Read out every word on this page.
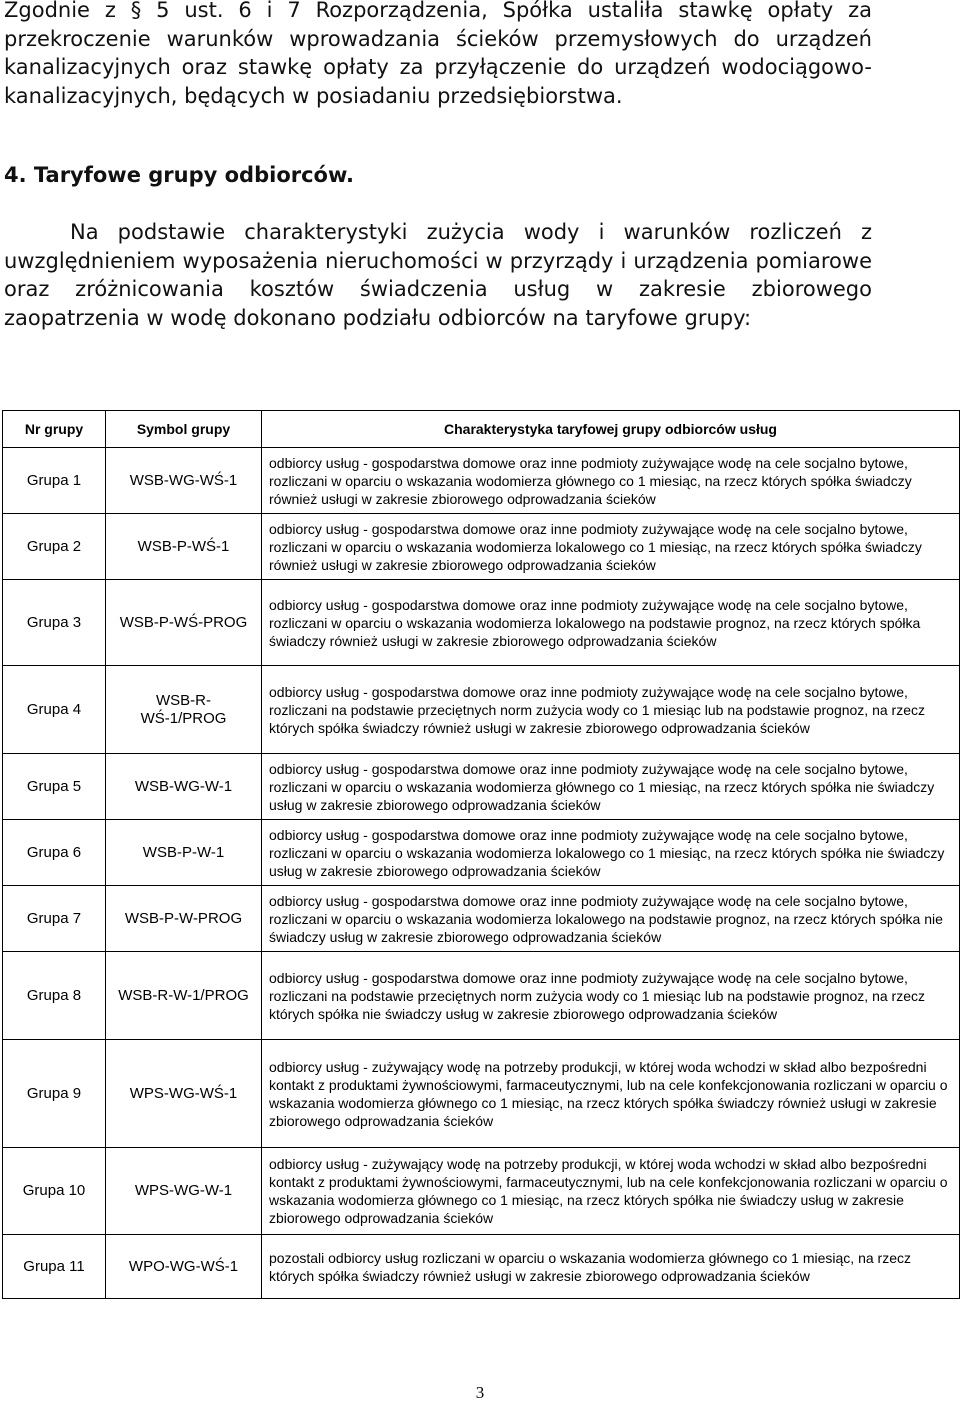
Zgodnie z § 5 ust. 6 i 7 Rozporządzenia, Spółka ustaliła stawkę opłaty za przekroczenie warunków wprowadzania ścieków przemysłowych do urządzeń kanalizacyjnych oraz stawkę opłaty za przyłączenie do urządzeń wodociągowo-kanalizacyjnych, będących w posiadaniu przedsiębiorstwa.

4. Taryfowe grupy odbiorców.

Na podstawie charakterystyki zużycia wody i warunków rozliczeń z uwzględnieniem wyposażenia nieruchomości w przyrządy i urządzenia pomiarowe oraz zróżnicowania kosztów świadczenia usług w zakresie zbiorowego zaopatrzenia w wodę dokonano podziału odbiorców na taryfowe grupy:

Nr grupy	Symbol grupy	Charakterystyka taryfowej grupy odbiorców usług
Grupa 1	WSB-WG-WŚ-1	odbiorcy usług - gospodarstwa domowe oraz inne podmioty zużywające wodę na cele socjalno bytowe, rozliczani w oparciu o wskazania wodomierza głównego co 1 miesiąc, na rzecz których spółka świadczy również usługi w zakresie zbiorowego odprowadzania ścieków
Grupa 2	WSB-P-WŚ-1	odbiorcy usług - gospodarstwa domowe oraz inne podmioty zużywające wodę na cele socjalno bytowe, rozliczani w oparciu o wskazania wodomierza lokalowego co 1 miesiąc, na rzecz których spółka świadczy również usługi w zakresie zbiorowego odprowadzania ścieków
Grupa 3	WSB-P-WŚ-PROG	odbiorcy usług - gospodarstwa domowe oraz inne podmioty zużywające wodę na cele socjalno bytowe, rozliczani w oparciu o wskazania wodomierza lokalowego na podstawie prognoz, na rzecz których spółka świadczy również usługi w zakresie zbiorowego odprowadzania ścieków
Grupa 4	WSB-R-WŚ-1/PROG	odbiorcy usług - gospodarstwa domowe oraz inne podmioty zużywające wodę na cele socjalno bytowe, rozliczani na podstawie przeciętnych norm zużycia wody co 1 miesiąc lub na podstawie prognoz, na rzecz których spółka świadczy również usługi w zakresie zbiorowego odprowadzania ścieków
Grupa 5	WSB-WG-W-1	odbiorcy usług - gospodarstwa domowe oraz inne podmioty zużywające wodę na cele socjalno bytowe, rozliczani w oparciu o wskazania wodomierza głównego co 1 miesiąc, na rzecz których spółka nie świadczy usług w zakresie zbiorowego odprowadzania ścieków
Grupa 6	WSB-P-W-1	odbiorcy usług - gospodarstwa domowe oraz inne podmioty zużywające wodę na cele socjalno bytowe, rozliczani w oparciu o wskazania wodomierza lokalowego co 1 miesiąc, na rzecz których spółka nie świadczy usług w zakresie zbiorowego odprowadzania ścieków
Grupa 7	WSB-P-W-PROG	odbiorcy usług - gospodarstwa domowe oraz inne podmioty zużywające wodę na cele socjalno bytowe, rozliczani w oparciu o wskazania wodomierza lokalowego na podstawie prognoz, na rzecz których spółka nie świadczy usług w zakresie zbiorowego odprowadzania ścieków
Grupa 8	WSB-R-W-1/PROG	odbiorcy usług - gospodarstwa domowe oraz inne podmioty zużywające wodę na cele socjalno bytowe, rozliczani na podstawie przeciętnych norm zużycia wody co 1 miesiąc lub na podstawie prognoz, na rzecz których spółka nie świadczy usług w zakresie zbiorowego odprowadzania ścieków
Grupa 9	WPS-WG-WŚ-1	odbiorcy usług - zużywający wodę na potrzeby produkcji, w której woda wchodzi w skład albo bezpośredni kontakt z produktami żywnościowymi, farmaceutycznymi, lub na cele konfekcjonowania rozliczani w oparciu o wskazania wodomierza głównego co 1 miesiąc, na rzecz których spółka świadczy również usługi w zakresie zbiorowego odprowadzania ścieków
Grupa 10	WPS-WG-W-1	odbiorcy usług - zużywający wodę na potrzeby produkcji, w której woda wchodzi w skład albo bezpośredni kontakt z produktami żywnościowymi, farmaceutycznymi, lub na cele konfekcjonowania rozliczani w oparciu o wskazania wodomierza głównego co 1 miesiąc, na rzecz których spółka nie świadczy usług w zakresie zbiorowego odprowadzania ścieków
Grupa 11	WPO-WG-WŚ-1	pozostali odbiorcy usług rozliczani w oparciu o wskazania wodomierza głównego co 1 miesiąc, na rzecz których spółka świadczy również usługi w zakresie zbiorowego odprowadzania ścieków

3
